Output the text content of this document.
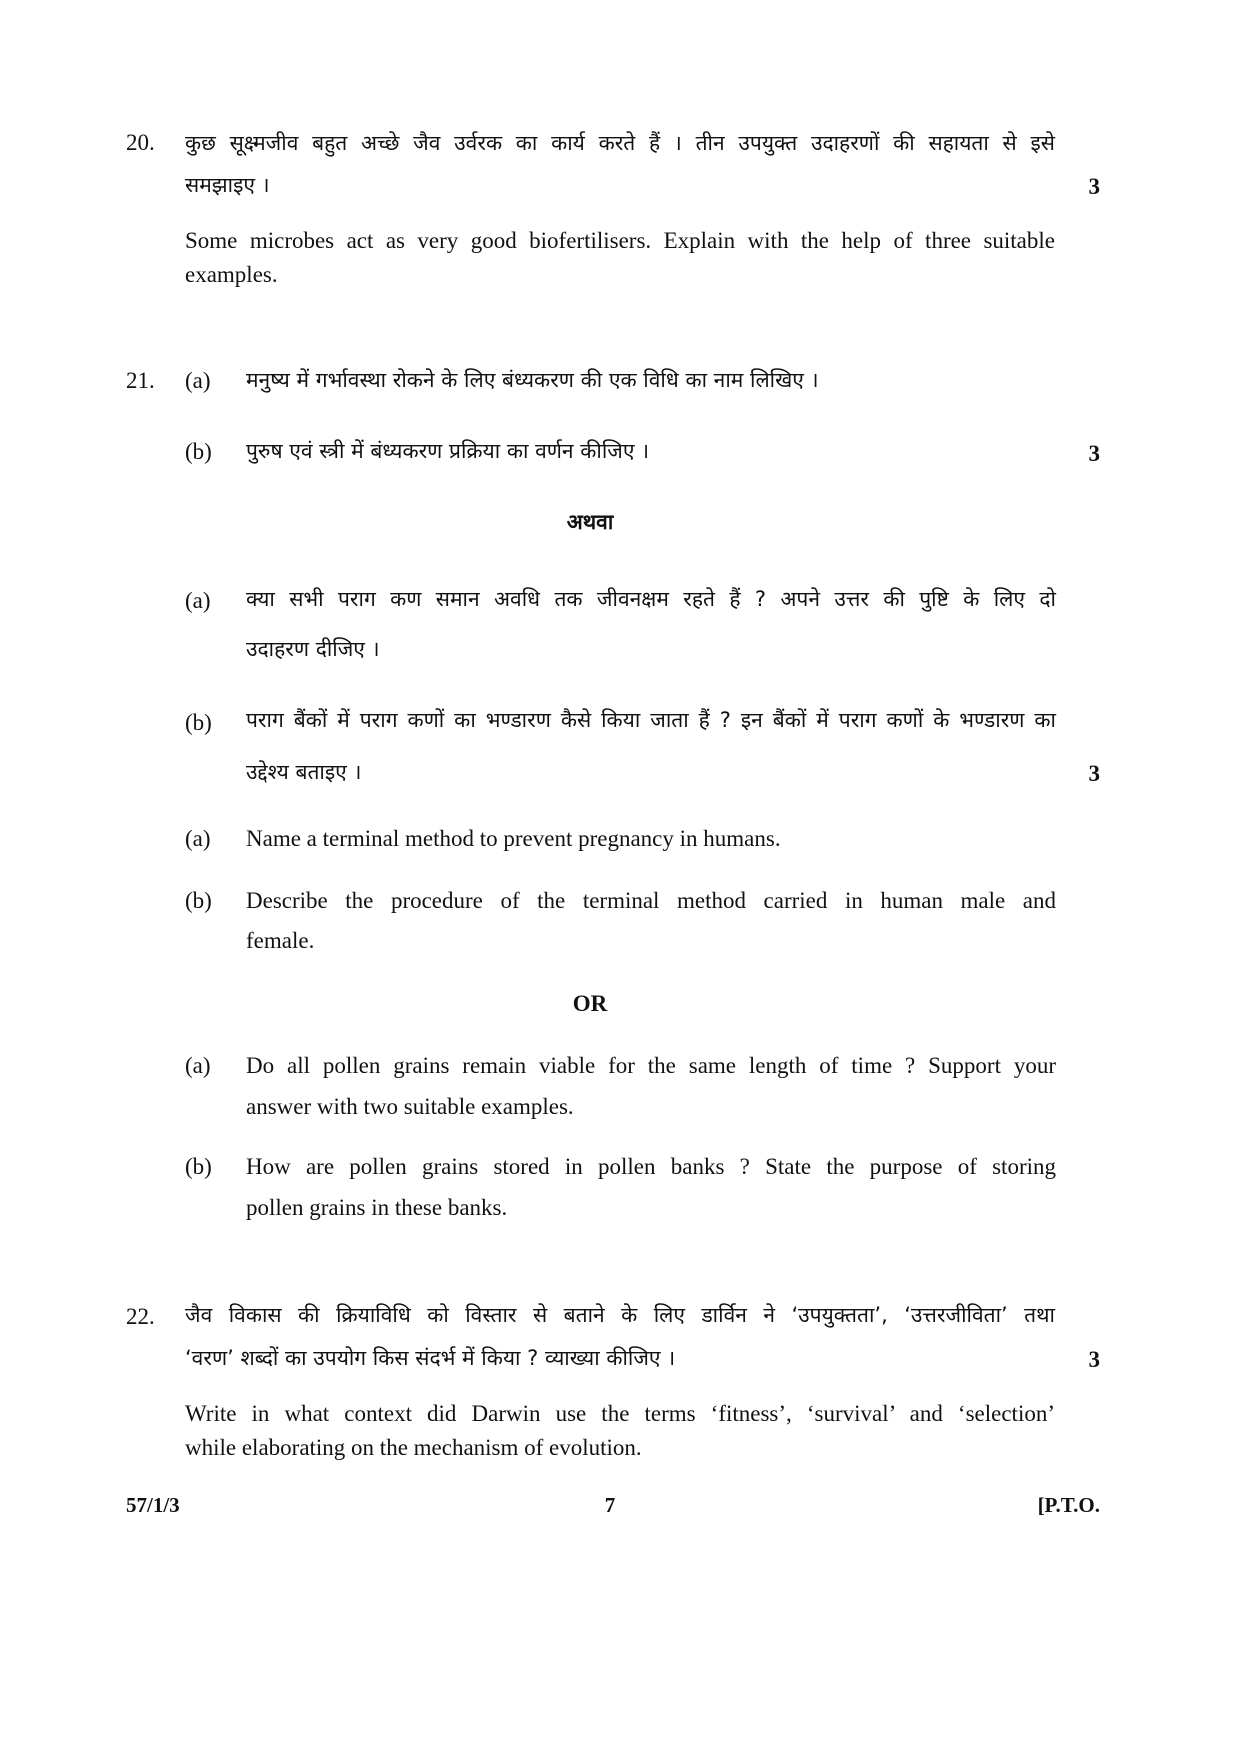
20.	कुछ सूक्ष्मजीव बहुत अच्छे जैव उर्वरक का कार्य करते हैं । तीन उपयुक्त उदाहरणों की सहायता से इसे

समझाइए ।	3

Some microbes act as very good biofertilisers. Explain with the help of three suitable

examples.

21.	(a)	मनुष्य में गर्भावस्था रोकने के लिए बंध्यकरण की एक विधि का नाम लिखिए ।

(b)	पुरुष एवं स्त्री में बंध्यकरण प्रक्रिया का वर्णन कीजिए ।	3

अथवा

(a)	क्या सभी पराग कण समान अवधि तक जीवनक्षम रहते हैं ? अपने उत्तर की पुष्टि के लिए दो

उदाहरण दीजिए ।

(b)	पराग बैंकों में पराग कणों का भण्डारण कैसे किया जाता हैं ? इन बैंकों में पराग कणों के भण्डारण का

उद्देश्य बताइए ।	3

(a)	Name a terminal method to prevent pregnancy in humans.

(b)	Describe the procedure of the terminal method carried in human male and

female.

OR

(a)	Do all pollen grains remain viable for the same length of time ? Support your

answer with two suitable examples.

(b)	How are pollen grains stored in pollen banks ? State the purpose of storing

pollen grains in these banks.

22.	जैव विकास की क्रियाविधि को विस्तार से बताने के लिए डार्विन ने ‘उपयुक्तता’, ‘उत्तरजीविता’ तथा

‘वरण’ शब्दों का उपयोग किस संदर्भ में किया ? व्याख्या कीजिए ।	3

Write in what context did Darwin use the terms ‘fitness’, ‘survival’ and ‘selection’

while elaborating on the mechanism of evolution.

57/1/3	7	[P.T.O.
